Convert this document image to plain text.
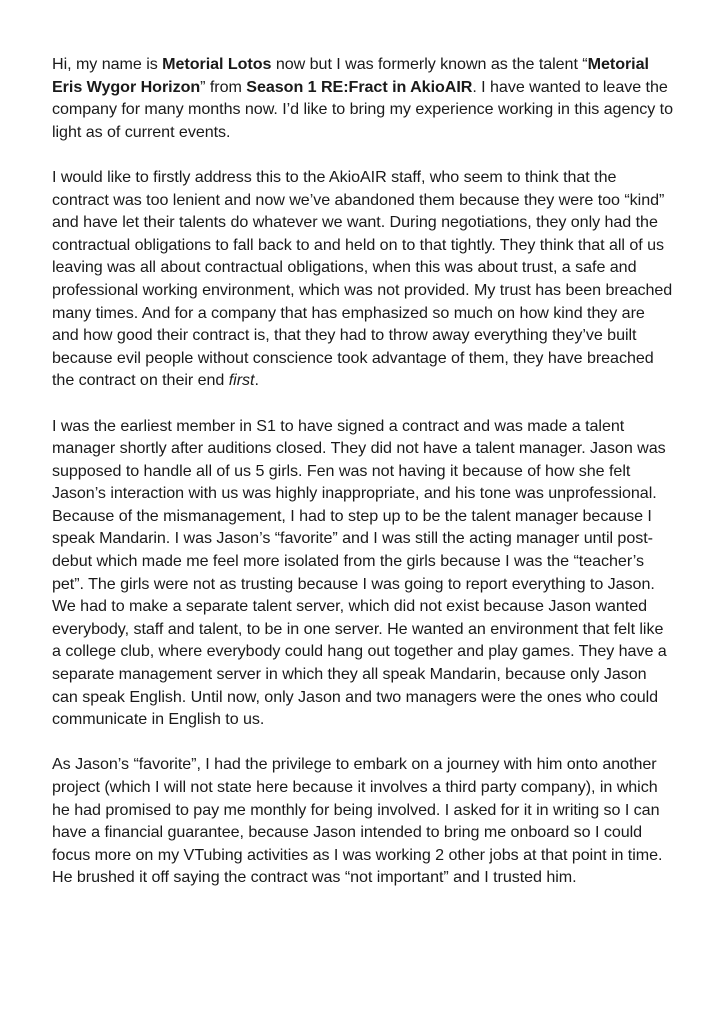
Hi, my name is Metorial Lotos now but I was formerly known as the talent “Metorial Eris Wygor Horizon” from Season 1 RE:Fract in AkioAIR. I have wanted to leave the company for many months now. I’d like to bring my experience working in this agency to light as of current events.

I would like to firstly address this to the AkioAIR staff, who seem to think that the contract was too lenient and now we’ve abandoned them because they were too “kind” and have let their talents do whatever we want. During negotiations, they only had the contractual obligations to fall back to and held on to that tightly. They think that all of us leaving was all about contractual obligations, when this was about trust, a safe and professional working environment, which was not provided. My trust has been breached many times. And for a company that has emphasized so much on how kind they are and how good their contract is, that they had to throw away everything they’ve built because evil people without conscience took advantage of them, they have breached the contract on their end first.

I was the earliest member in S1 to have signed a contract and was made a talent manager shortly after auditions closed. They did not have a talent manager. Jason was supposed to handle all of us 5 girls. Fen was not having it because of how she felt Jason’s interaction with us was highly inappropriate, and his tone was unprofessional. Because of the mismanagement, I had to step up to be the talent manager because I speak Mandarin. I was Jason’s “favorite” and I was still the acting manager until post-debut which made me feel more isolated from the girls because I was the “teacher’s pet”. The girls were not as trusting because I was going to report everything to Jason. We had to make a separate talent server, which did not exist because Jason wanted everybody, staff and talent, to be in one server. He wanted an environment that felt like a college club, where everybody could hang out together and play games. They have a separate management server in which they all speak Mandarin, because only Jason can speak English. Until now, only Jason and two managers were the ones who could communicate in English to us.

As Jason’s “favorite”, I had the privilege to embark on a journey with him onto another project (which I will not state here because it involves a third party company), in which he had promised to pay me monthly for being involved. I asked for it in writing so I can have a financial guarantee, because Jason intended to bring me onboard so I could focus more on my VTubing activities as I was working 2 other jobs at that point in time. He brushed it off saying the contract was “not important” and I trusted him.
